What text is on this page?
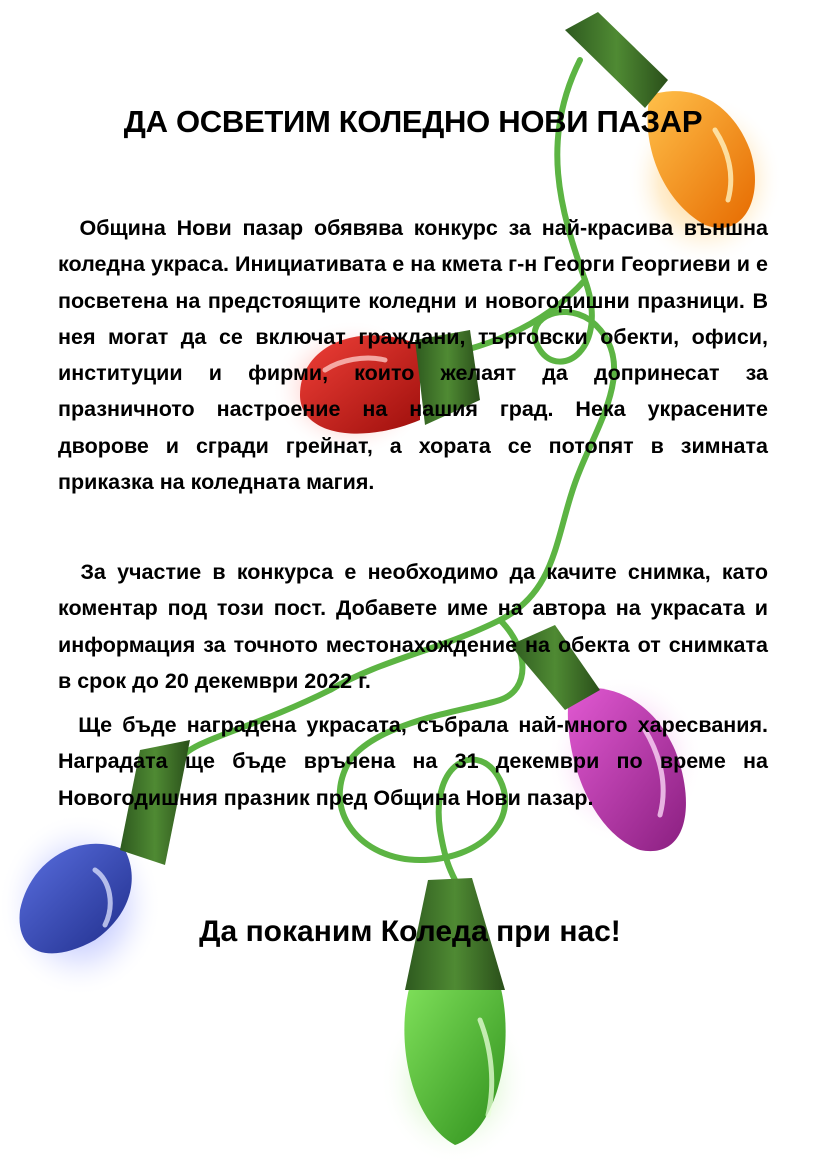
ДА ОСВЕТИМ КОЛЕДНО НОВИ ПАЗАР

Община Нови пазар обявява конкурс за най-красива външна коледна украса. Инициативата е на кмета г-н Георги Георгиеви и е посветена на предстоящите коледни и новогодишни празници. В нея могат да се включат граждани, търговски обекти, офиси, институции и фирми, които желаят да допринесат за празничното настроение на нашия град. Нека украсените дворове и сгради грейнат, а хората се потопят в зимната приказка на коледната магия.

За участие в конкурса е необходимо да качите снимка, като коментар под този пост. Добавете име на автора на украсата и информация за точното местонахождение на обекта от снимката в срок до 20 декември 2022 г.

Ще бъде наградена украсата, събрала най-много харесвания. Наградата ще бъде връчена на 31 декември по време на Новогодишния празник пред Община Нови пазар.

Да поканим Коледа при нас!
